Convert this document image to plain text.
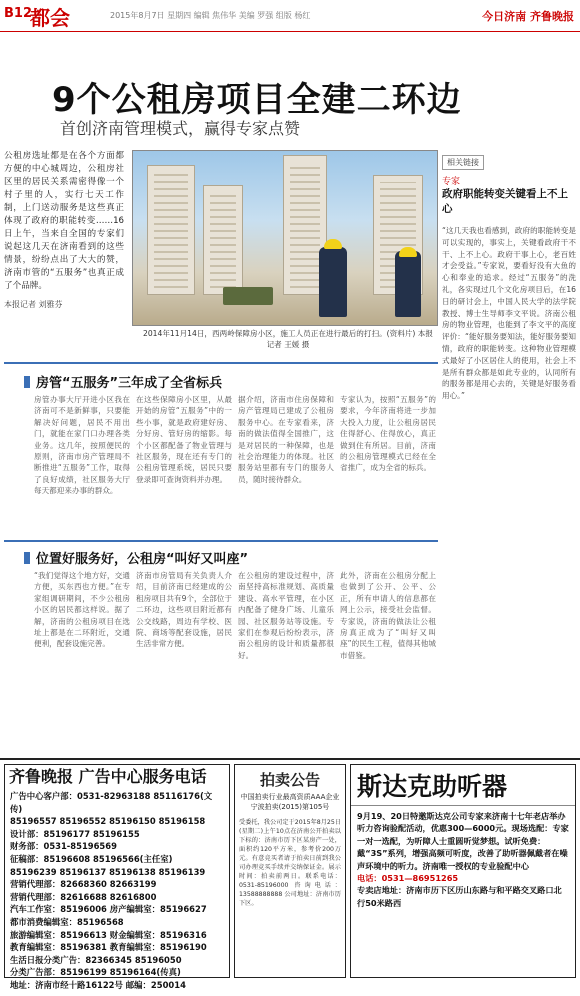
B12
都会	2015年8月7日 星期四 编辑 焦伟华 美编 罗强 组版 杨红	今日济南 齐鲁晚报
9个公租房项目全建二环边
首创济南管理模式，赢得专家点赞

公租房选址都是在各个方面都方便的中心城周边，公租房社区里的居民关系需密得像一个村子里的人，实行七天工作制，上门送动服务是这些真正体现了政府的职能转变……16日上午，当来自全国的专家们说起这几天在济南看到的这些情景，纷纷点出了大大的赞，济南市管的“五服务”也真正成了个品牌。

本报记者 刘雅芬

2014年11月14日，西两岭保障房小区，施工人员正在进行最后的打扫。(资料片) 本报记者 王媛 摄
相关链接
专家
政府职能转变关键看上不上心

“这几天我也看感到，政府的职能转变是可以实现的，事实上，关键看政府干不干、上不上心。政府干事上心，老百姓才会受益。”专家说，要看好没有大鱼的心和奉业的追求。经过“五服务”的洗礼，各实现过几个文化房项目后，在16日的研讨会上，中国人民大学的法学院教授、博士生导师李文平说。济南公租房的物业管理，也能到了李文平的高度评价：“能好服务要知法，能好服务要知情，政府的职能转变。这种物业管理模式最好了小区居住人的使用，社会上不是所有群众都是如此专业的，认同所有的服务都是用心去的，关键是好服务看用心。”

房管“五服务”三年成了全省标兵

房管办事大厅开进小区我在济南可不是新鲜事，只要能解决好问题，居民不用出门，就能在家门口办理各类业务。这几年，按照便民的原则，济南市房产管理局不断推进“五服务”工作，取得了良好成绩，社区服务大厅每天都迎来办事的群众。

在这些保障房小区里，从最开始的房管“五服务”中的一些小事，就是政府建好房、分好房、管好房的缩影。每个小区都配备了物业管理与社区服务，现在还有专门的公租房管理系统，居民只要登录即可查询资料并办理。

据介绍，济南市住房保障和房产管理局已建成了公租房服务中心。在专家看来，济南的做法值得全国推广，这是对居民的一种保障，也是社会治理能力的体现。社区服务站里都有专门的服务人员，随时接待群众。

专家认为，按照“五服务”的要求，今年济南将进一步加大投入力度，让公租房居民住得舒心、住得放心，真正做到住有所居。目前，济南的公租房管理模式已经在全省推广，成为全省的标兵。

位置好服务好，公租房“叫好又叫座”

“我们觉得这个地方好，交通方便，买东西也方便。”在专家组调研期间，不少公租房小区的居民都这样说。据了解，济南的公租房项目在选址上都是在二环附近，交通便利，配套设施完善。

济南市房管局有关负责人介绍，目前济南已经建成的公租房项目共有9个，全部位于二环边，这些项目附近都有公交线路，周边有学校、医院、商场等配套设施，居民生活非常方便。

在公租房的建设过程中，济南坚持高标准规划、高质量建设、高水平管理，在小区内配备了健身广场、儿童乐园、社区服务站等设施。专家们在参观后纷纷表示，济南公租房的设计和质量都很好。

此外，济南在公租房分配上也做到了公开、公平、公正，所有申请人的信息都在网上公示，接受社会监督。专家说，济南的做法让公租房真正成为了“叫好又叫座”的民生工程，值得其他城市借鉴。

齐鲁晚报 广告中心服务电话
广告中心客户部：0531-82963188 85116176(文传)
85196557 85196552 85196150 85196158
设计部：85196177 85196155
财务部：0531-85196569
征稿部：85196608 85196566(主任室)
85196239 85196137 85196138 85196139
营销代理部：82668360 82663199
营销代理部：82616688 82616800
汽车工作室：85196006 房产编辑室：85196627
都市消费编辑室：85196568
旅游编辑室：85196613 财金编辑室：85196316
教育编辑室：85196381 教育编辑室：85196190
生活日报分类广告：82366345 85196050
分类广告部：85196199 85196164(传真)
地址：济南市经十路16122号 邮编：250014
拍卖公告
中国拍卖行业最高资质AAA企业 宁波拍卖(2015)第105号
受委托，我公司定于2015年8月25日(星期二)上午10点在济南公开拍卖以下标的：济南市历下区某房产一处，面积约120平方米，参考价200万元。有意竞买者请于拍卖日前到我公司办理竞买手续并交纳保证金。展示时间：拍卖前两日。联系电话：0531-85196000 咨询电话：13588888888 公司地址：济南市历下区。
斯达克助听器

9月19、20日特邀斯达克公司专家来济南十七年老店举办听力咨询验配活动，优惠300—6000元。现场选配：专家一对一选配，为听障人士重圆听觉梦想。试听免费：戴“3S”系列，增强高频可听度，改善了助听器佩戴者在噪声环境中的听力。济南唯一授权的专业验配中心

电话：0531—86951265

专卖店地址：济南市历下区历山东路与和平路交叉路口北行50米路西
